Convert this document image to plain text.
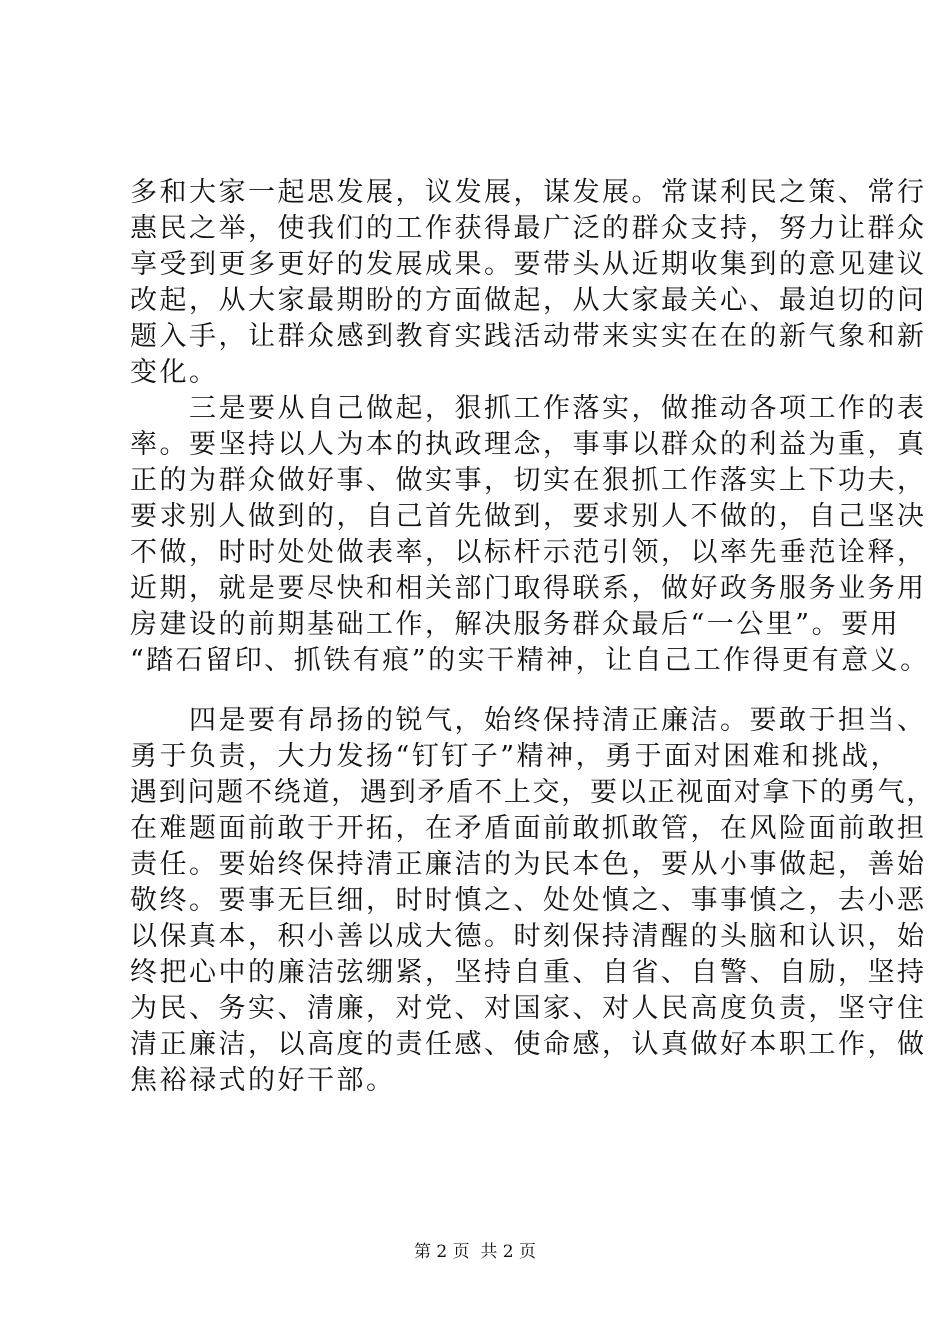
多和大家一起思发展，议发展，谋发展。常谋利民之策、常行
惠民之举，使我们的工作获得最广泛的群众支持，努力让群众
享受到更多更好的发展成果。要带头从近期收集到的意见建议
改起，从大家最期盼的方面做起，从大家最关心、最迫切的问
题入手，让群众感到教育实践活动带来实实在在的新气象和新
变化。
三是要从自己做起，狠抓工作落实，做推动各项工作的表
率。要坚持以人为本的执政理念，事事以群众的利益为重，真
正的为群众做好事、做实事，切实在狠抓工作落实上下功夫，
要求别人做到的，自己首先做到，要求别人不做的，自己坚决
不做，时时处处做表率，以标杆示范引领，以率先垂范诠释，
近期，就是要尽快和相关部门取得联系，做好政务服务业务用
房建设的前期基础工作，解决服务群众最后“一公里”。要用
“踏石留印、抓铁有痕”的实干精神，让自己工作得更有意义。
四是要有昂扬的锐气，始终保持清正廉洁。要敢于担当、
勇于负责，大力发扬“钉钉子”精神，勇于面对困难和挑战，
遇到问题不绕道，遇到矛盾不上交，要以正视面对拿下的勇气，
在难题面前敢于开拓，在矛盾面前敢抓敢管，在风险面前敢担
责任。要始终保持清正廉洁的为民本色，要从小事做起，善始
敬终。要事无巨细，时时慎之、处处慎之、事事慎之，去小恶
以保真本，积小善以成大德。时刻保持清醒的头脑和认识，始
终把心中的廉洁弦绷紧，坚持自重、自省、自警、自励，坚持
为民、务实、清廉，对党、对国家、对人民高度负责，坚守住
清正廉洁，以高度的责任感、使命感，认真做好本职工作，做
焦裕禄式的好干部。
第 2 页  共 2 页
